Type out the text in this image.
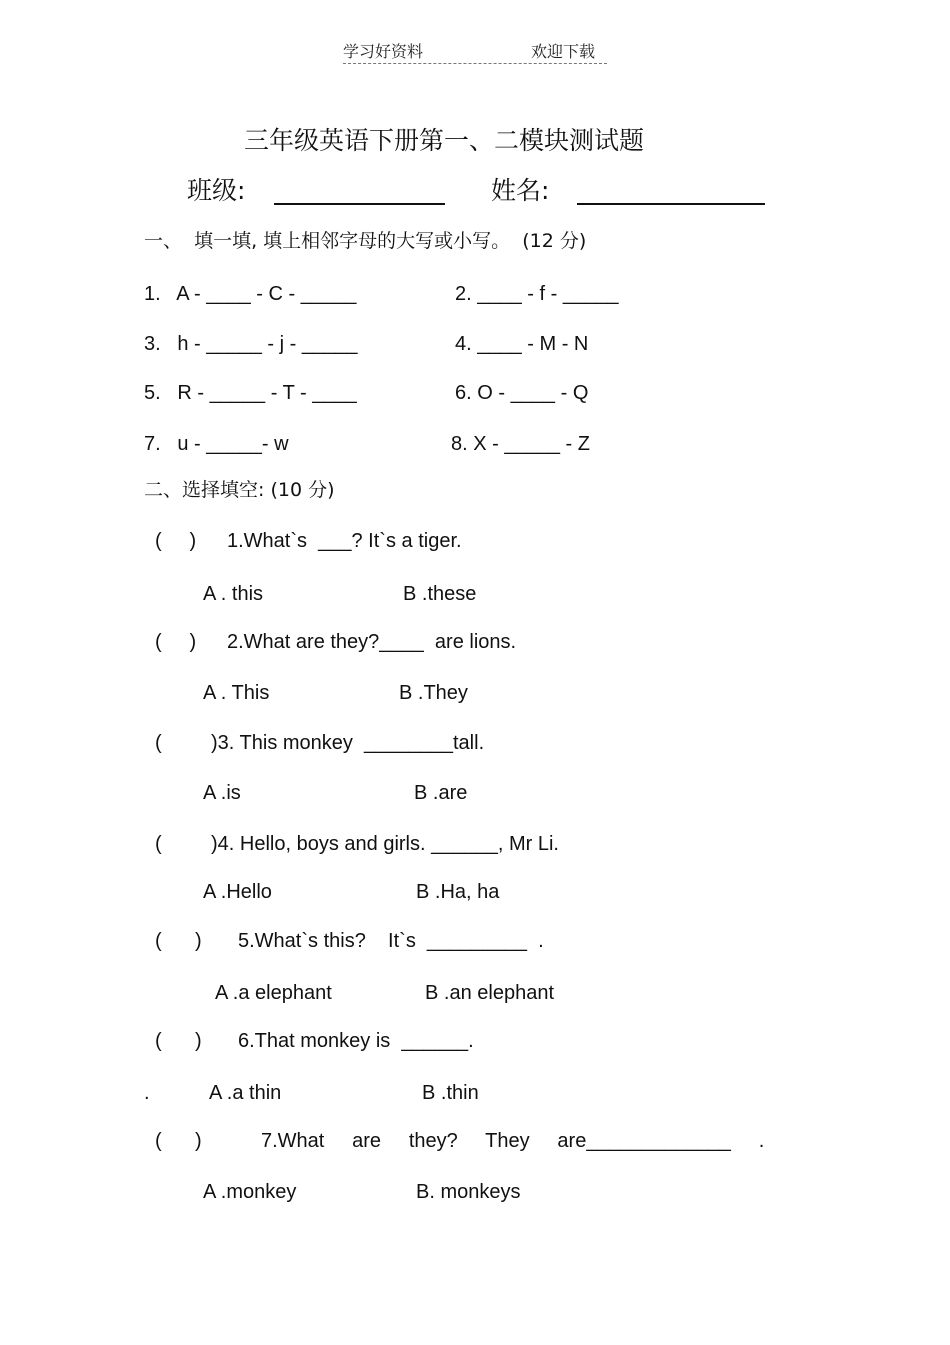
学习好资料	欢迎下载
三年级英语下册第一、二模块测试题
班级:	姓名:
一、  填一填, 填上相邻字母的大写或小写。  (12 分)
1.   A - ____ - C - _____	2. ____ - f - _____
3.   h - _____ - j - _____	4. ____ - M - N
5.   R - _____ - T - ____	6. O - ____ - Q
7.   u - _____- w	8. X - _____ - Z
二、选择填空: (10 分)
(     ) 1.What`s  ___? It`s a tiger.
A . this	B .these
(     ) 2.What are they?____  are lions.
A . This	B .They
( )3. This monkey  ________tall.
A .is	B .are
( )4. Hello, boys and girls. ______, Mr Li.
A .Hello	B .Ha, ha
(      ) 5.What`s this?    It`s  _________  .
A .a elephant	B .an elephant
(      ) 6.That monkey is  ______.
.	A .a thin	B .thin
(      )	7.What     are     they?     They     are_____________     .
A .monkey	B. monkeys
